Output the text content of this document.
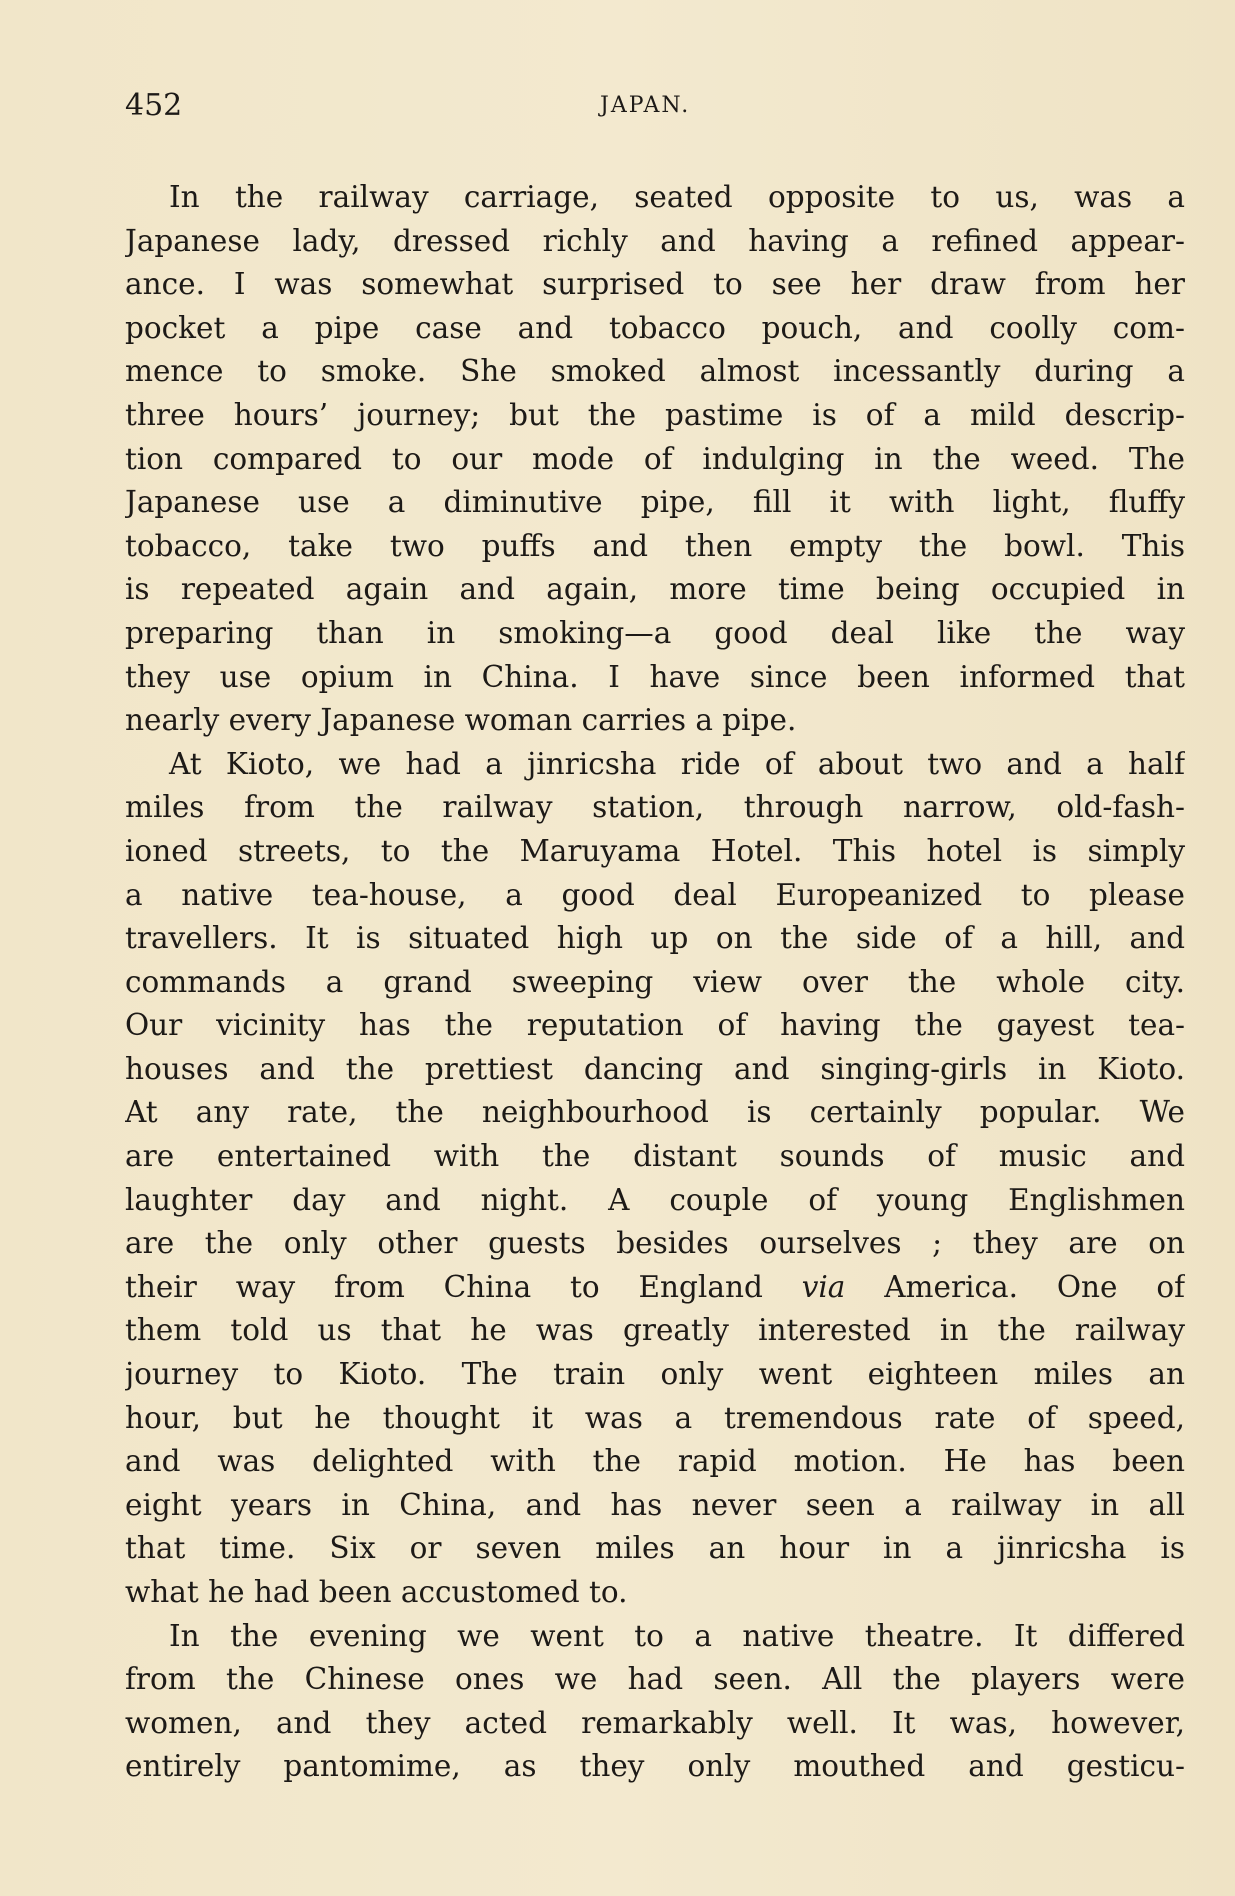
452	JAPAN.
In the railway carriage, seated opposite to us, was a
Japanese lady, dressed richly and having a refined appear-
ance. I was somewhat surprised to see her draw from her
pocket a pipe case and tobacco pouch, and coolly com-
mence to smoke. She smoked almost incessantly during a
three hours’ journey; but the pastime is of a mild descrip-
tion compared to our mode of indulging in the weed. The
Japanese use a diminutive pipe, fill it with light, fluffy
tobacco, take two puffs and then empty the bowl. This
is repeated again and again, more time being occupied in
preparing than in smoking—a good deal like the way
they use opium in China. I have since been informed that
nearly every Japanese woman carries a pipe.
At Kioto, we had a jinricsha ride of about two and a half
miles from the railway station, through narrow, old-fash-
ioned streets, to the Maruyama Hotel. This hotel is simply
a native tea-house, a good deal Europeanized to please
travellers. It is situated high up on the side of a hill, and
commands a grand sweeping view over the whole city.
Our vicinity has the reputation of having the gayest tea-
houses and the prettiest dancing and singing-girls in Kioto.
At any rate, the neighbourhood is certainly popular. We
are entertained with the distant sounds of music and
laughter day and night. A couple of young Englishmen
are the only other guests besides ourselves ; they are on
their way from China to England via America. One of
them told us that he was greatly interested in the railway
journey to Kioto. The train only went eighteen miles an
hour, but he thought it was a tremendous rate of speed,
and was delighted with the rapid motion. He has been
eight years in China, and has never seen a railway in all
that time. Six or seven miles an hour in a jinricsha is
what he had been accustomed to.
In the evening we went to a native theatre. It differed
from the Chinese ones we had seen. All the players were
women, and they acted remarkably well. It was, however,
entirely pantomime, as they only mouthed and gesticu-
